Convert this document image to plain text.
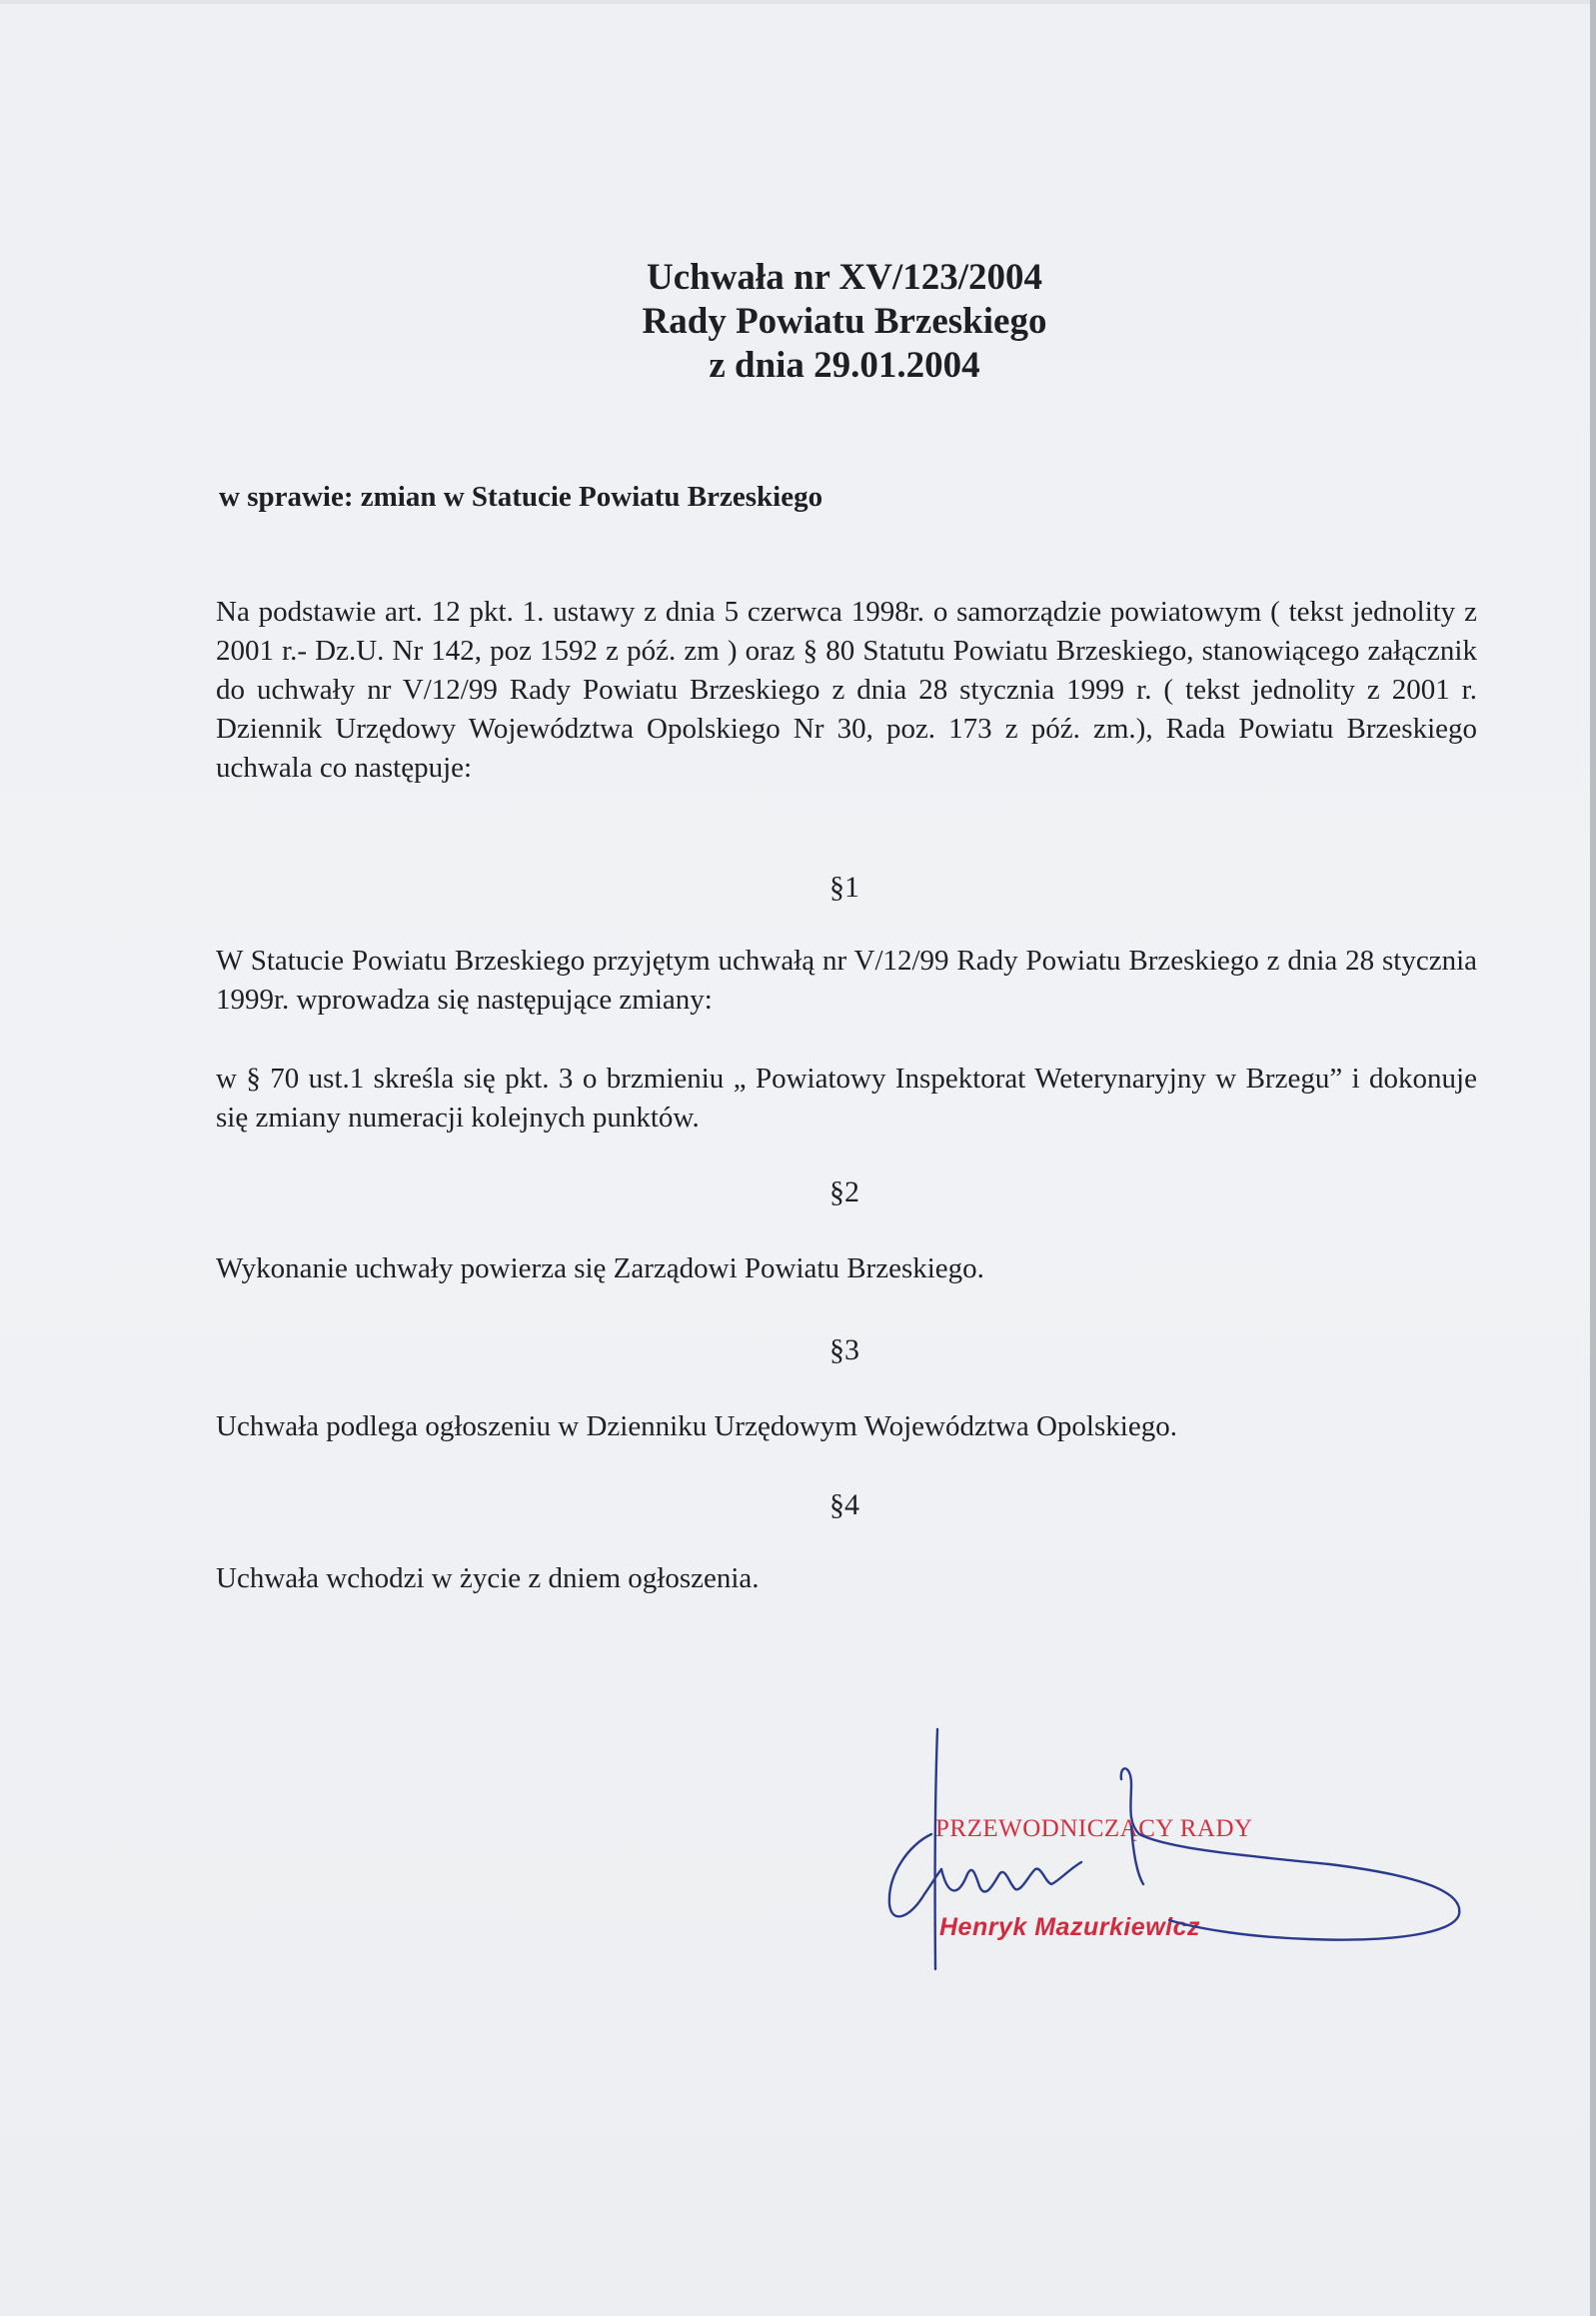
Uchwała nr XV/123/2004
Rady Powiatu Brzeskiego
z dnia 29.01.2004
w sprawie: zmian w Statucie Powiatu Brzeskiego
Na podstawie art. 12 pkt. 1. ustawy z dnia 5 czerwca 1998r. o samorządzie powiatowym ( tekst jednolity z 2001 r.- Dz.U. Nr 142, poz 1592 z póź. zm ) oraz § 80 Statutu Powiatu Brzeskiego, stanowiącego załącznik do uchwały nr V/12/99 Rady Powiatu Brzeskiego z dnia 28 stycznia 1999 r. ( tekst jednolity z 2001 r. Dziennik Urzędowy Województwa Opolskiego Nr 30, poz. 173 z póź. zm.), Rada Powiatu Brzeskiego uchwala co następuje:
§1
W Statucie Powiatu Brzeskiego przyjętym uchwałą nr V/12/99 Rady Powiatu Brzeskiego z dnia 28 stycznia 1999r. wprowadza się następujące zmiany:
w § 70 ust.1 skreśla się pkt. 3 o brzmieniu „ Powiatowy Inspektorat Weterynaryjny w Brzegu” i dokonuje się zmiany numeracji kolejnych punktów.
§2
Wykonanie uchwały powierza się Zarządowi Powiatu Brzeskiego.
§3
Uchwała podlega ogłoszeniu w Dzienniku Urzędowym Województwa Opolskiego.
§4
Uchwała wchodzi w życie z dniem ogłoszenia.
PRZEWODNICZĄCY RADY
Henryk Mazurkiewicz
